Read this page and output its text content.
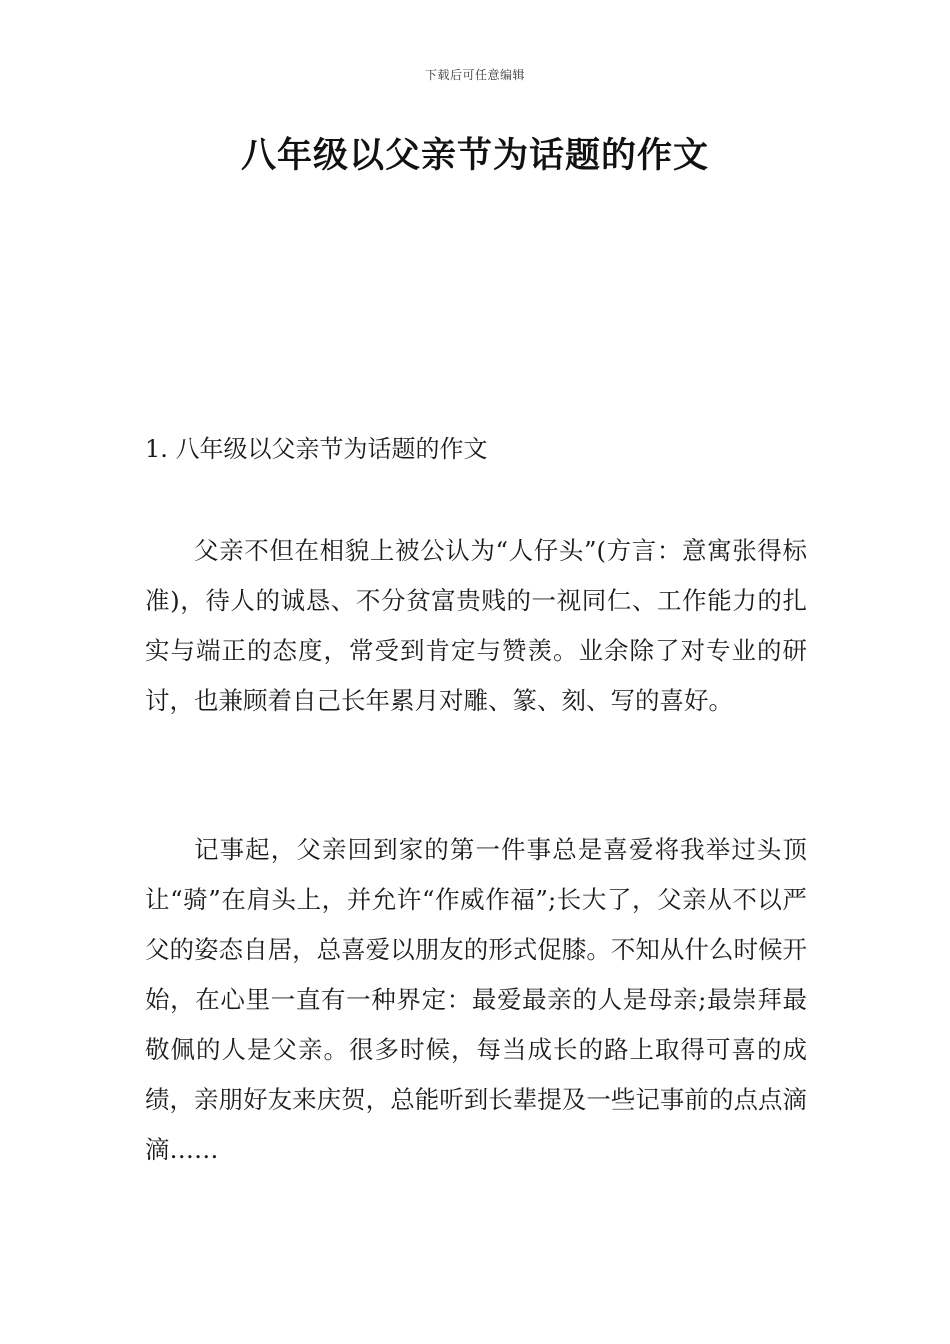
下载后可任意编辑
八年级以父亲节为话题的作文
1. 八年级以父亲节为话题的作文

父亲不但在相貌上被公认为“人仔头”(方言：意寓张得标准)，待人的诚恳、不分贫富贵贱的一视同仁、工作能力的扎实与端正的态度，常受到肯定与赞羡。业余除了对专业的研讨，也兼顾着自己长年累月对雕、篆、刻、写的喜好。

记事起，父亲回到家的第一件事总是喜爱将我举过头顶让“骑”在肩头上，并允许“作威作福”;长大了，父亲从不以严父的姿态自居，总喜爱以朋友的形式促膝。不知从什么时候开始，在心里一直有一种界定：最爱最亲的人是母亲;最崇拜最敬佩的人是父亲。很多时候，每当成长的路上取得可喜的成绩，亲朋好友来庆贺，总能听到长辈提及一些记事前的点点滴滴……
